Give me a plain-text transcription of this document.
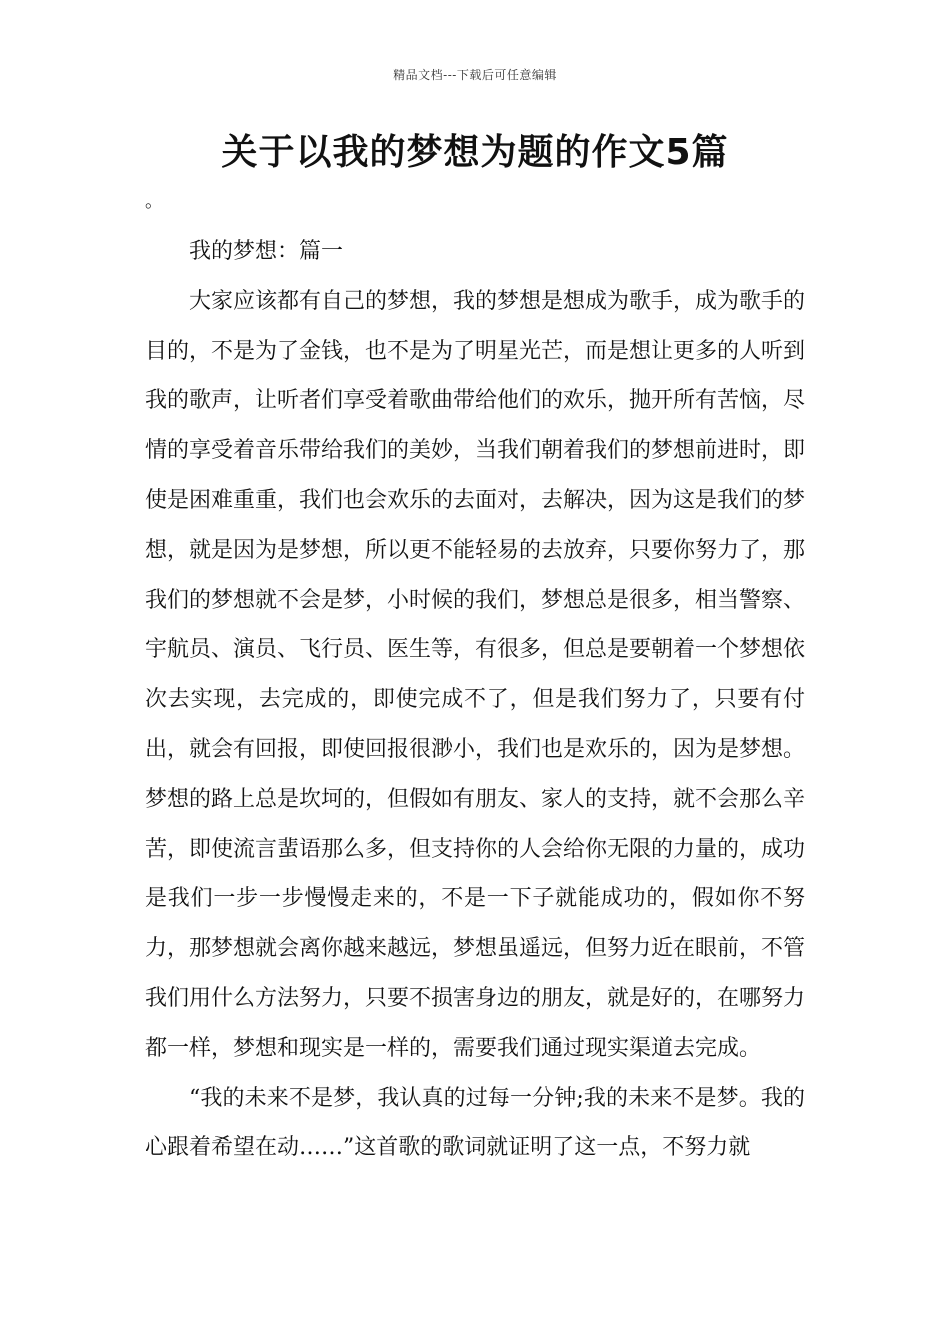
精品文档---下载后可任意编辑
关于以我的梦想为题的作文5篇
。

我的梦想：篇一

大家应该都有自己的梦想，我的梦想是想成为歌手，成为歌手的目的，不是为了金钱，也不是为了明星光芒，而是想让更多的人听到我的歌声，让听者们享受着歌曲带给他们的欢乐，抛开所有苦恼，尽情的享受着音乐带给我们的美妙，当我们朝着我们的梦想前进时，即使是困难重重，我们也会欢乐的去面对，去解决，因为这是我们的梦想，就是因为是梦想，所以更不能轻易的去放弃，只要你努力了，那我们的梦想就不会是梦，小时候的我们，梦想总是很多，相当警察、宇航员、演员、飞行员、医生等，有很多，但总是要朝着一个梦想依次去实现，去完成的，即使完成不了，但是我们努力了，只要有付出，就会有回报，即使回报很渺小，我们也是欢乐的，因为是梦想。梦想的路上总是坎坷的，但假如有朋友、家人的支持，就不会那么辛苦，即使流言蜚语那么多，但支持你的人会给你无限的力量的，成功是我们一步一步慢慢走来的，不是一下子就能成功的，假如你不努力，那梦想就会离你越来越远，梦想虽遥远，但努力近在眼前，不管我们用什么方法努力，只要不损害身边的朋友，就是好的，在哪努力都一样，梦想和现实是一样的，需要我们通过现实渠道去完成。

“我的未来不是梦，我认真的过每一分钟;我的未来不是梦。我的心跟着希望在动……”这首歌的歌词就证明了这一点，不努力就
